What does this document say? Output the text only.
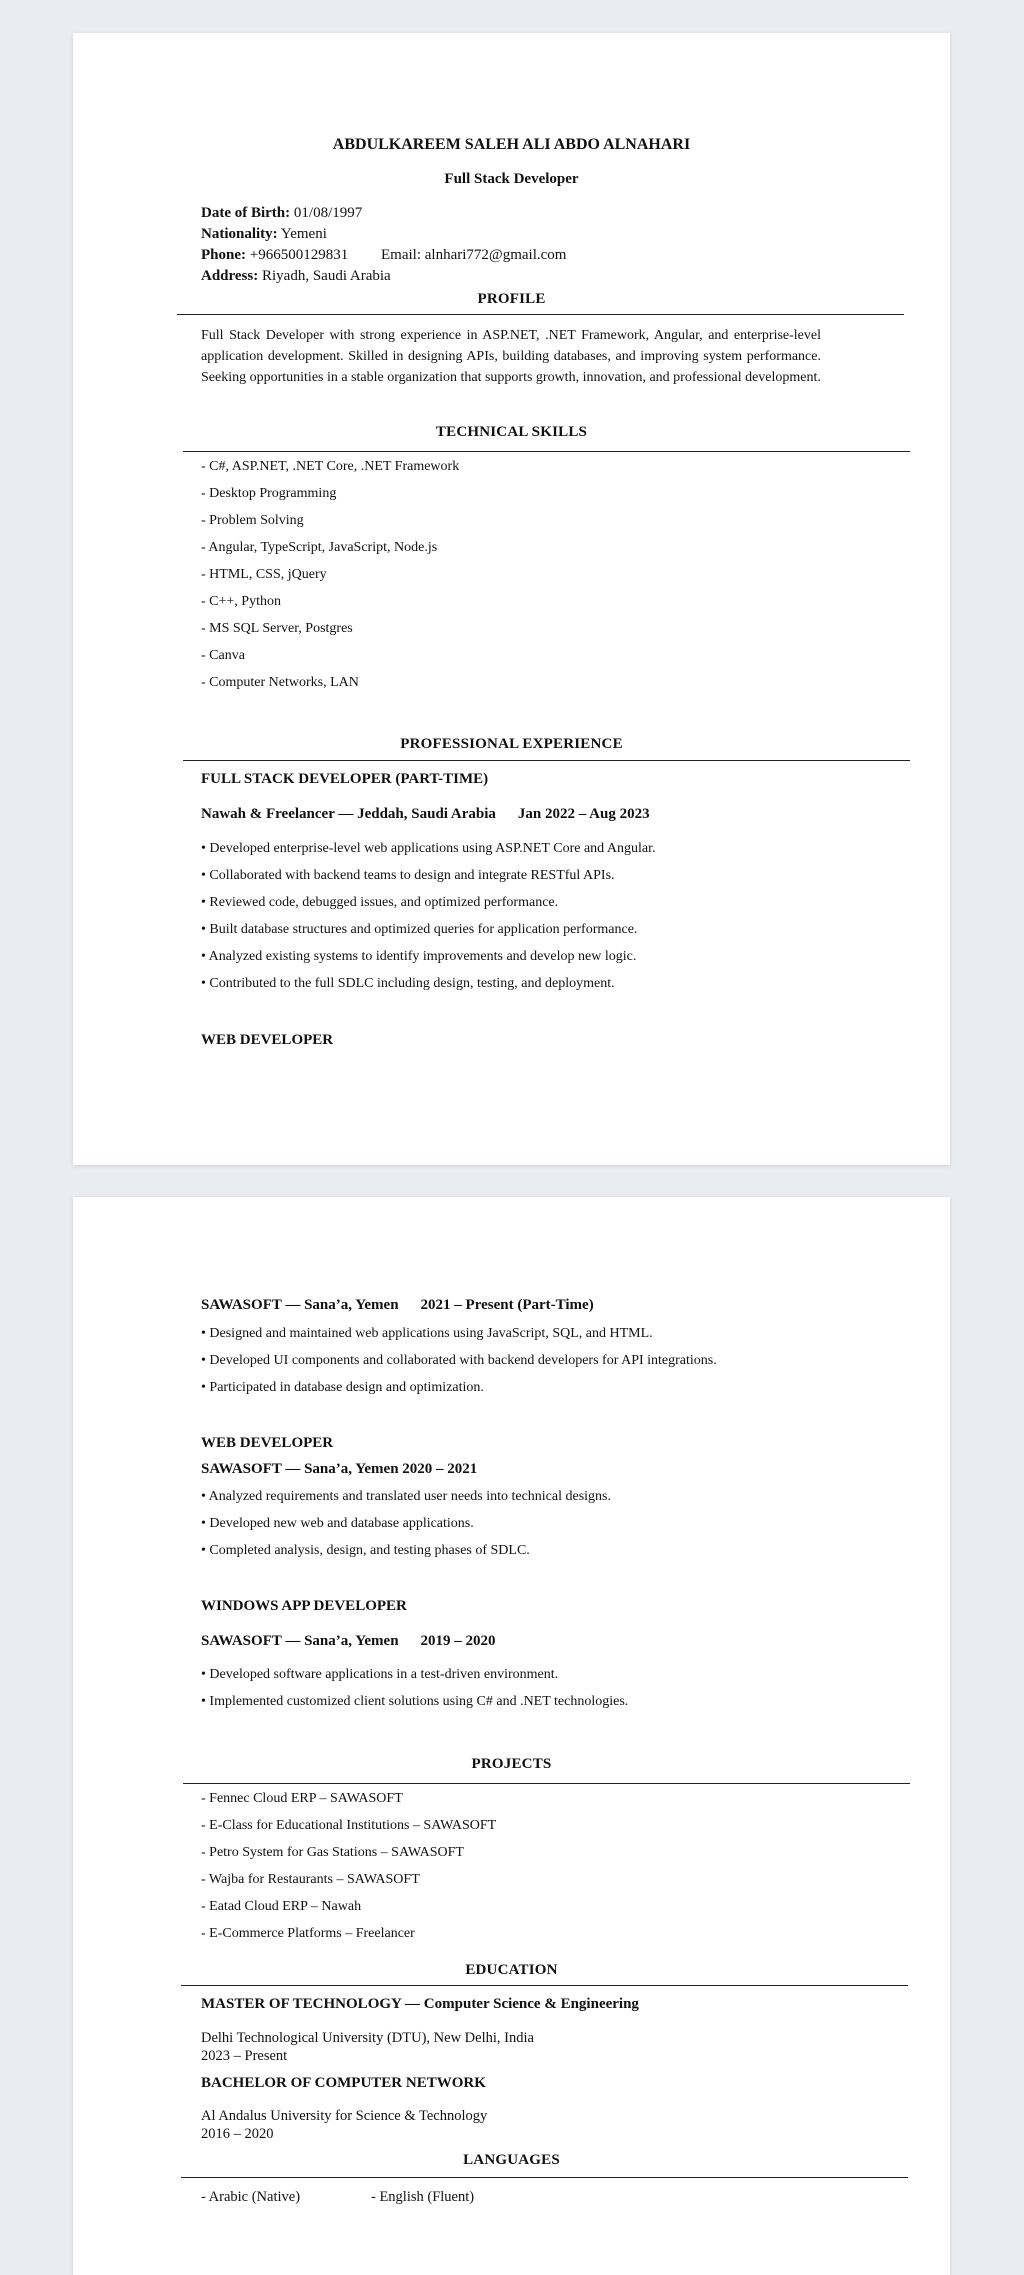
ABDULKAREEM SALEH ALI ABDO ALNAHARI
Full Stack Developer
Date of Birth: 01/08/1997
Nationality: Yemeni
Phone: +966500129831 Email: alnhari772@gmail.com
Address: Riyadh, Saudi Arabia
PROFILE
Full Stack Developer with strong experience in ASP.NET, .NET Framework, Angular, and enterprise-level application development. Skilled in designing APIs, building databases, and improving system performance. Seeking opportunities in a stable organization that supports growth, innovation, and professional development.
TECHNICAL SKILLS
- C#, ASP.NET, .NET Core, .NET Framework
- Desktop Programming
- Problem Solving
- Angular, TypeScript, JavaScript, Node.js
- HTML, CSS, jQuery
- C++, Python
- MS SQL Server, Postgres
- Canva
- Computer Networks, LAN
PROFESSIONAL EXPERIENCE
FULL STACK DEVELOPER (PART-TIME)
Nawah & Freelancer — Jeddah, Saudi Arabia Jan 2022 – Aug 2023
• Developed enterprise-level web applications using ASP.NET Core and Angular.
• Collaborated with backend teams to design and integrate RESTful APIs.
• Reviewed code, debugged issues, and optimized performance.
• Built database structures and optimized queries for application performance.
• Analyzed existing systems to identify improvements and develop new logic.
• Contributed to the full SDLC including design, testing, and deployment.
WEB DEVELOPER
SAWASOFT — Sana’a, Yemen 2021 – Present (Part-Time)
• Designed and maintained web applications using JavaScript, SQL, and HTML.
• Developed UI components and collaborated with backend developers for API integrations.
• Participated in database design and optimization.
WEB DEVELOPER
SAWASOFT — Sana’a, Yemen 2020 – 2021
• Analyzed requirements and translated user needs into technical designs.
• Developed new web and database applications.
• Completed analysis, design, and testing phases of SDLC.
WINDOWS APP DEVELOPER
SAWASOFT — Sana’a, Yemen 2019 – 2020
• Developed software applications in a test-driven environment.
• Implemented customized client solutions using C# and .NET technologies.
PROJECTS
- Fennec Cloud ERP – SAWASOFT
- E-Class for Educational Institutions – SAWASOFT
- Petro System for Gas Stations – SAWASOFT
- Wajba for Restaurants – SAWASOFT
- Eatad Cloud ERP – Nawah
- E-Commerce Platforms – Freelancer
EDUCATION
MASTER OF TECHNOLOGY — Computer Science & Engineering
Delhi Technological University (DTU), New Delhi, India
2023 – Present
BACHELOR OF COMPUTER NETWORK
Al Andalus University for Science & Technology
2016 – 2020
LANGUAGES
- Arabic (Native)	- English (Fluent)
